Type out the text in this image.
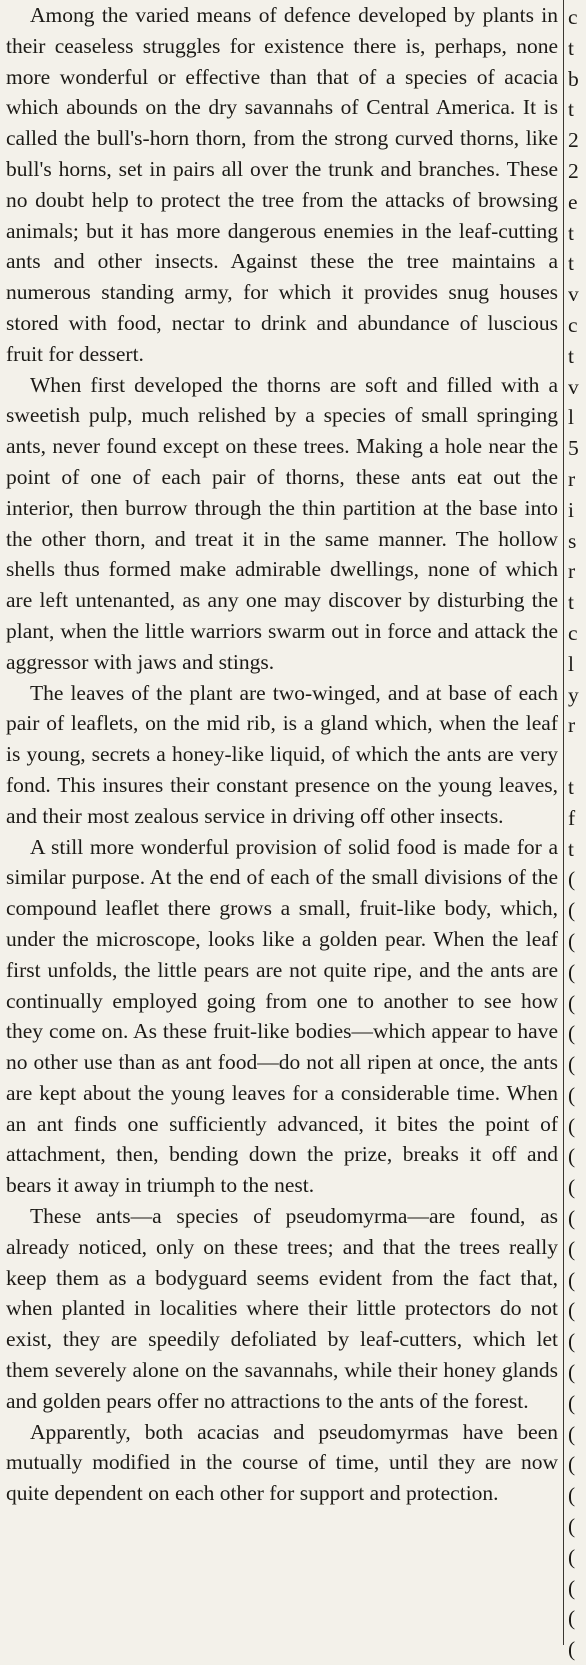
Among the varied means of defence developed by plants in their ceaseless struggles for existence there is, perhaps, none more wonderful or effective than that of a species of acacia which abounds on the dry savannahs of Central America. It is called the bull's-horn thorn, from the strong curved thorns, like bull's horns, set in pairs all over the trunk and branches. These no doubt help to protect the tree from the attacks of browsing animals; but it has more dangerous enemies in the leaf-cutting ants and other insects. Against these the tree maintains a numerous standing army, for which it provides snug houses stored with food, nectar to drink and abundance of luscious fruit for dessert.

When first developed the thorns are soft and filled with a sweetish pulp, much relished by a species of small springing ants, never found except on these trees. Making a hole near the point of one of each pair of thorns, these ants eat out the interior, then burrow through the thin partition at the base into the other thorn, and treat it in the same manner. The hollow shells thus formed make admirable dwellings, none of which are left untenanted, as any one may discover by disturbing the plant, when the little warriors swarm out in force and attack the aggressor with jaws and stings.

The leaves of the plant are two-winged, and at base of each pair of leaflets, on the mid rib, is a gland which, when the leaf is young, secrets a honey-like liquid, of which the ants are very fond. This insures their constant presence on the young leaves, and their most zealous service in driving off other insects.

A still more wonderful provision of solid food is made for a similar purpose. At the end of each of the small divisions of the compound leaflet there grows a small, fruit-like body, which, under the microscope, looks like a golden pear. When the leaf first unfolds, the little pears are not quite ripe, and the ants are continually employed going from one to another to see how they come on. As these fruit-like bodies—which appear to have no other use than as ant food—do not all ripen at once, the ants are kept about the young leaves for a considerable time. When an ant finds one sufficiently advanced, it bites the point of attachment, then, bending down the prize, breaks it off and bears it away in triumph to the nest.

These ants—a species of pseudomyrma—are found, as already noticed, only on these trees; and that the trees really keep them as a bodyguard seems evident from the fact that, when planted in localities where their little protectors do not exist, they are speedily defoliated by leaf-cutters, which let them severely alone on the savannahs, while their honey glands and golden pears offer no attractions to the ants of the forest.

Apparently, both acacias and pseudomyrmas have been mutually modified in the course of time, until they are now quite dependent on each other for support and protection.

c
t
b
t
2
2
e
t
t
v
c
t
v
l
5
r
i
s
r
t
c
l
y
r
t
f
t
(
(
(
(
(
(
(
(
(
(
(
(
(
(
(
(
(
(
(
(
(
(
(
(
(
(
